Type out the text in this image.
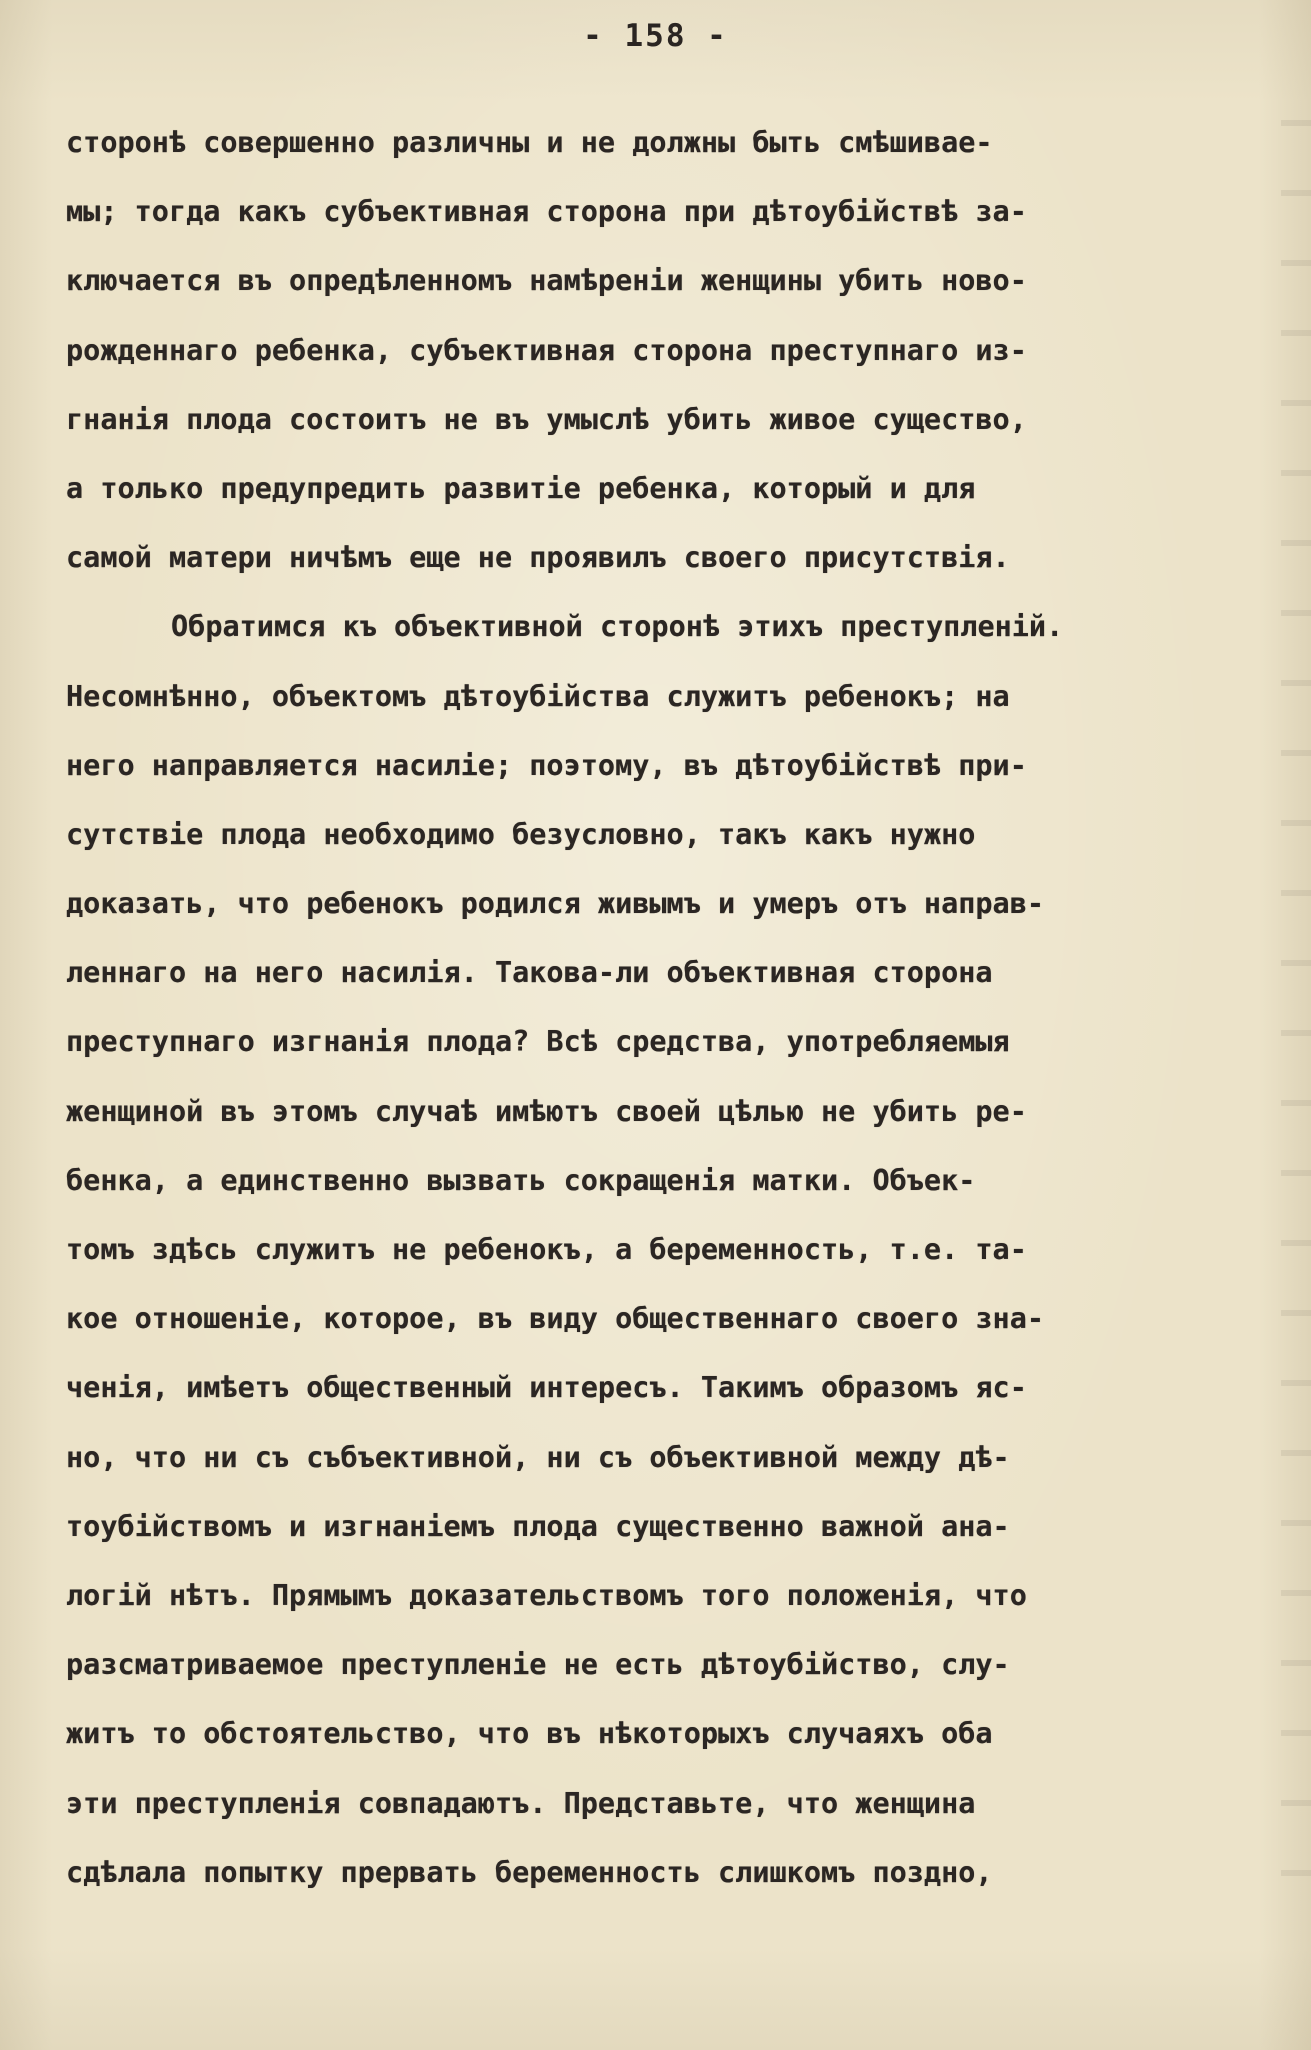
- 158 -
сторонѣ совершенно различны и не должны быть смѣшивае-
мы; тогда какъ субъективная сторона при дѣтоубійствѣ за-
ключается въ опредѣленномъ намѣреніи женщины убить ново-
рожденнаго ребенка, субъективная сторона преступнаго из-
гнанія плода состоитъ не въ умыслѣ убить живое существо,
а только предупредить развитіе ребенка, который и для
самой матери ничѣмъ еще не проявилъ своего присутствія.
Обратимся къ объективной сторонѣ этихъ преступленій.
Несомнѣнно, объектомъ дѣтоубійства служитъ ребенокъ; на
него направляется насиліе; поэтому, въ дѣтоубійствѣ при-
сутствіе плода необходимо безусловно, такъ какъ нужно
доказать, что ребенокъ родился живымъ и умеръ отъ направ-
леннаго на него насилія. Такова-ли объективная сторона
преступнаго изгнанія плода? Всѣ средства, употребляемыя
женщиной въ этомъ случаѣ имѣютъ своей цѣлью не убить ре-
бенка, а единственно вызвать сокращенія матки. Объек-
томъ здѣсь служитъ не ребенокъ, а беременность, т.е. та-
кое отношеніе, которое, въ виду общественнаго своего зна-
ченія, имѣетъ общественный интересъ. Такимъ образомъ яс-
но, что ни съ събъективной, ни съ объективной между дѣ-
тоубійствомъ и изгнаніемъ плода существенно важной ана-
логій нѣтъ. Прямымъ доказательствомъ того положенія, что
разсматриваемое преступленіе не есть дѣтоубійство, слу-
житъ то обстоятельство, что въ нѣкоторыхъ случаяхъ оба
эти преступленія совпадаютъ. Представьте, что женщина
сдѣлала попытку прервать беременность слишкомъ поздно,
